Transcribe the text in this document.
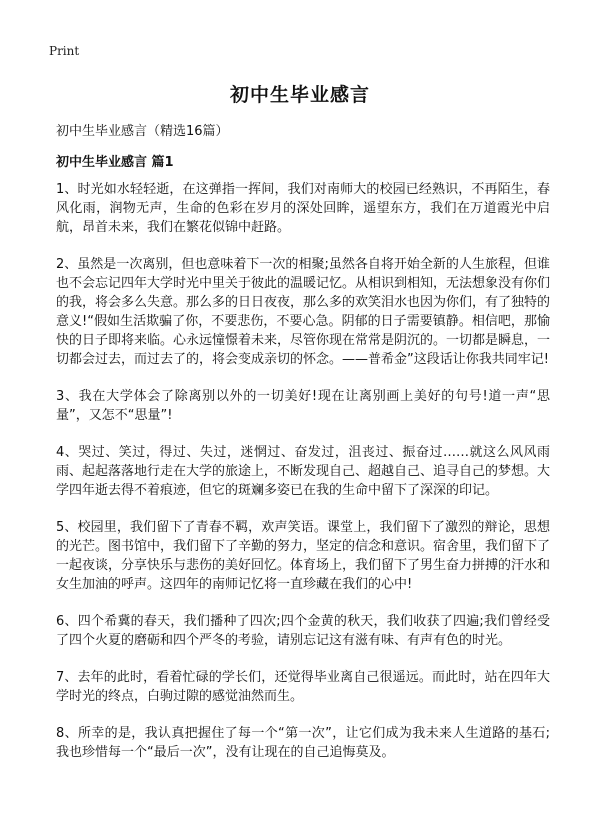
Print
初中生毕业感言

初中生毕业感言（精选16篇）

初中生毕业感言 篇1

1、时光如水轻轻逝，在这弹指一挥间，我们对南师大的校园已经熟识，不再陌生，春风化雨，润物无声，生命的色彩在岁月的深处回眸，遥望东方，我们在万道霞光中启航，昂首未来，我们在繁花似锦中赶路。

2、虽然是一次离别，但也意味着下一次的相聚;虽然各自将开始全新的人生旅程，但谁也不会忘记四年大学时光中里关于彼此的温暖记忆。从相识到相知，无法想象没有你们的我，将会多么失意。那么多的日日夜夜，那么多的欢笑泪水也因为你们，有了独特的意义!“假如生活欺骗了你，不要悲伤，不要心急。阴郁的日子需要镇静。相信吧，那愉快的日子即将来临。心永远憧憬着未来，尽管你现在常常是阴沉的。一切都是瞬息，一切都会过去，而过去了的，将会变成亲切的怀念。——普希金”这段话让你我共同牢记!

3、我在大学体会了除离别以外的一切美好!现在让离别画上美好的句号!道一声“思量”，又怎不“思量”!

4、哭过、笑过，得过、失过，迷惘过、奋发过，沮丧过、振奋过……就这么风风雨雨、起起落落地行走在大学的旅途上，不断发现自己、超越自己、追寻自己的梦想。大学四年逝去得不着痕迹，但它的斑斓多姿已在我的生命中留下了深深的印记。

5、校园里，我们留下了青春不羁，欢声笑语。课堂上，我们留下了激烈的辩论，思想的光芒。图书馆中，我们留下了辛勤的努力，坚定的信念和意识。宿舍里，我们留下了一起夜谈，分享快乐与悲伤的美好回忆。体育场上，我们留下了男生奋力拼搏的汗水和女生加油的呼声。这四年的南师记忆将一直珍藏在我们的心中!

6、四个希冀的春天，我们播种了四次;四个金黄的秋天，我们收获了四遍;我们曾经受了四个火夏的磨砺和四个严冬的考验，请别忘记这有滋有味、有声有色的时光。

7、去年的此时，看着忙碌的学长们，还觉得毕业离自己很遥远。而此时，站在四年大学时光的终点，白驹过隙的感觉油然而生。

8、所幸的是，我认真把握住了每一个“第一次”，让它们成为我未来人生道路的基石;我也珍惜每一个“最后一次”，没有让现在的自己追悔莫及。
